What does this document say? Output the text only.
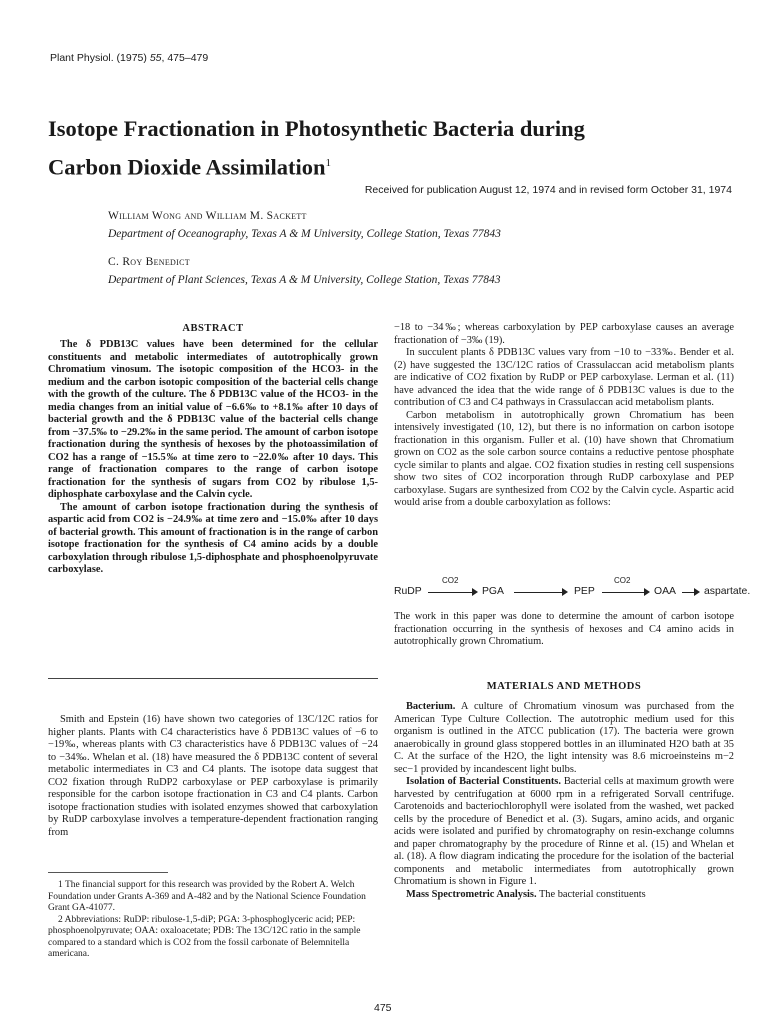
Plant Physiol. (1975) 55, 475–479
Isotope Fractionation in Photosynthetic Bacteria during
Carbon Dioxide Assimilation$^1$
Received for publication August 12, 1974 and in revised form October 31, 1974
William Wong and William M. Sackett
Department of Oceanography, Texas A & M University, College Station, Texas 77843
C. Roy Benedict
Department of Plant Sciences, Texas A & M University, College Station, Texas 77843
ABSTRACT

The δ PDB13C values have been determined for the cellular constituents and metabolic intermediates of autotrophically grown Chromatium vinosum. The isotopic composition of the HCO3- in the medium and the carbon isotopic composition of the bacterial cells change with the growth of the culture. The δ PDB13C value of the HCO3- in the media changes from an initial value of −6.6‰ to +8.1‰ after 10 days of bacterial growth and the δ PDB13C value of the bacterial cells change from −37.5‰ to −29.2‰ in the same period. The amount of carbon isotope fractionation during the synthesis of hexoses by the photoassimilation of CO2 has a range of −15.5‰ at time zero to −22.0‰ after 10 days. This range of fractionation compares to the range of carbon isotope fractionation for the synthesis of sugars from CO2 by ribulose 1,5-diphosphate carboxylase and the Calvin cycle.

The amount of carbon isotope fractionation during the synthesis of aspartic acid from CO2 is −24.9‰ at time zero and −15.0‰ after 10 days of bacterial growth. This amount of fractionation is in the range of carbon isotope fractionation for the synthesis of C4 amino acids by a double carboxylation through ribulose 1,5-diphosphate and phosphoenolpyruvate carboxylase.

Smith and Epstein (16) have shown two categories of 13C/12C ratios for higher plants. Plants with C4 characteristics have δ PDB13C values of −6 to −19‰, whereas plants with C3 characteristics have δ PDB13C values of −24 to −34‰. Whelan et al. (18) have measured the δ PDB13C content of several metabolic intermediates in C3 and C4 plants. The isotope data suggest that CO2 fixation through RuDP2 carboxylase or PEP carboxylase is primarily responsible for the carbon isotope fractionation in C3 and C4 plants. Carbon isotope fractionation studies with isolated enzymes showed that carboxylation by RuDP carboxylase involves a temperature-dependent fractionation ranging from

1 The financial support for this research was provided by the Robert A. Welch Foundation under Grants A-369 and A-482 and by the National Science Foundation Grant GA-41077.

2 Abbreviations: RuDP: ribulose-1,5-diP; PGA: 3-phosphoglyceric acid; PEP: phosphoenolpyruvate; OAA: oxaloacetate; PDB: The 13C/12C ratio in the sample compared to a standard which is CO2 from the fossil carbonate of Belemnitella americana.

−18 to −34‰; whereas carboxylation by PEP carboxylase causes an average fractionation of −3‰ (19).

In succulent plants δ PDB13C values vary from −10 to −33‰. Bender et al. (2) have suggested the 13C/12C ratios of Crassulaccan acid metabolism plants are indicative of CO2 fixation by RuDP or PEP carboxylase. Lerman et al. (11) have advanced the idea that the wide range of δ PDB13C values is due to the contribution of C3 and C4 pathways in Crassulaccan acid metabolism plants.

Carbon metabolism in autotrophically grown Chromatium has been intensively investigated (10, 12), but there is no information on carbon isotope fractionation in this organism. Fuller et al. (10) have shown that Chromatium grown on CO2 as the sole carbon source contains a reductive pentose phosphate cycle similar to plants and algae. CO2 fixation studies in resting cell suspensions show two sites of CO2 incorporation through RuDP carboxylase and PEP carboxylase. Sugars are synthesized from CO2 by the Calvin cycle. Aspartic acid would arise from a double carboxylation as follows:

RuDP
CO2
PGA	PEP
CO2
OAA	aspartate.

The work in this paper was done to determine the amount of carbon isotope fractionation occurring in the synthesis of hexoses and C4 amino acids in autotrophically grown Chromatium.

MATERIALS AND METHODS

Bacterium. A culture of Chromatium vinosum was purchased from the American Type Culture Collection. The autotrophic medium used for this organism is outlined in the ATCC publication (17). The bacteria were grown anaerobically in ground glass stoppered bottles in an illuminated H2O bath at 35 C. At the surface of the H2O, the light intensity was 8.6 microeinsteins m−2 sec−1 provided by incandescent light bulbs.

Isolation of Bacterial Constituents. Bacterial cells at maximum growth were harvested by centrifugation at 6000 rpm in a refrigerated Sorvall centrifuge. Carotenoids and bacteriochlorophyll were isolated from the washed, wet packed cells by the procedure of Benedict et al. (3). Sugars, amino acids, and organic acids were isolated and purified by chromatography on resin-exchange columns and paper chromatography by the procedure of Rinne et al. (15) and Whelan et al. (18). A flow diagram indicating the procedure for the isolation of the bacterial components and metabolic intermediates from autotrophically grown Chromatium is shown in Figure 1.

Mass Spectrometric Analysis. The bacterial constituents

475
